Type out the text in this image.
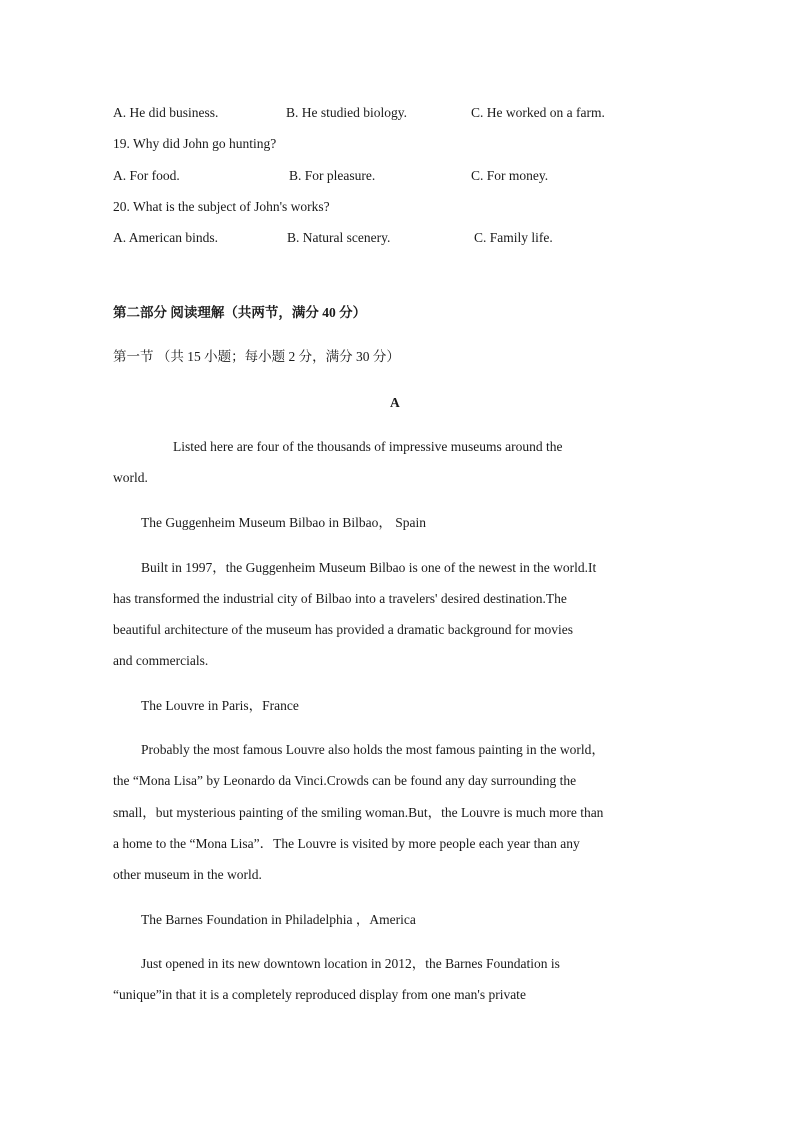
A. He did business.	B. He studied biology.	C. He worked on a farm.
19. Why did John go hunting?
A. For food.	B. For pleasure.	C. For money.
20. What is the subject of John's works?
A. American binds.	B. Natural scenery.	C. Family life.
第二部分 阅读理解（共两节，满分 40 分）
第一节 （共 15 小题；每小题 2 分，满分 30 分）
A
Listed here are four of the thousands of impressive museums around the
world.
The Guggenheim Museum Bilbao in Bilbao， Spain
Built in 1997，the Guggenheim Museum Bilbao is one of the newest in the world.It
has transformed the industrial city of Bilbao into a travelers' desired destination.The
beautiful architecture of the museum has provided a dramatic background for movies
and commercials.
The Louvre in Paris，France
Probably the most famous Louvre also holds the most famous painting in the world，
the “Mona Lisa” by Leonardo da Vinci.Crowds can be found any day surrounding the
small，but mysterious painting of the smiling woman.But，the Louvre is much more than
a home to the “Mona Lisa”．The Louvre is visited by more people each year than any
other museum in the world.
The Barnes Foundation in Philadelphia ，America
Just opened in its new downtown location in 2012，the Barnes Foundation is
“unique”in that it is a completely reproduced display from one man's private
